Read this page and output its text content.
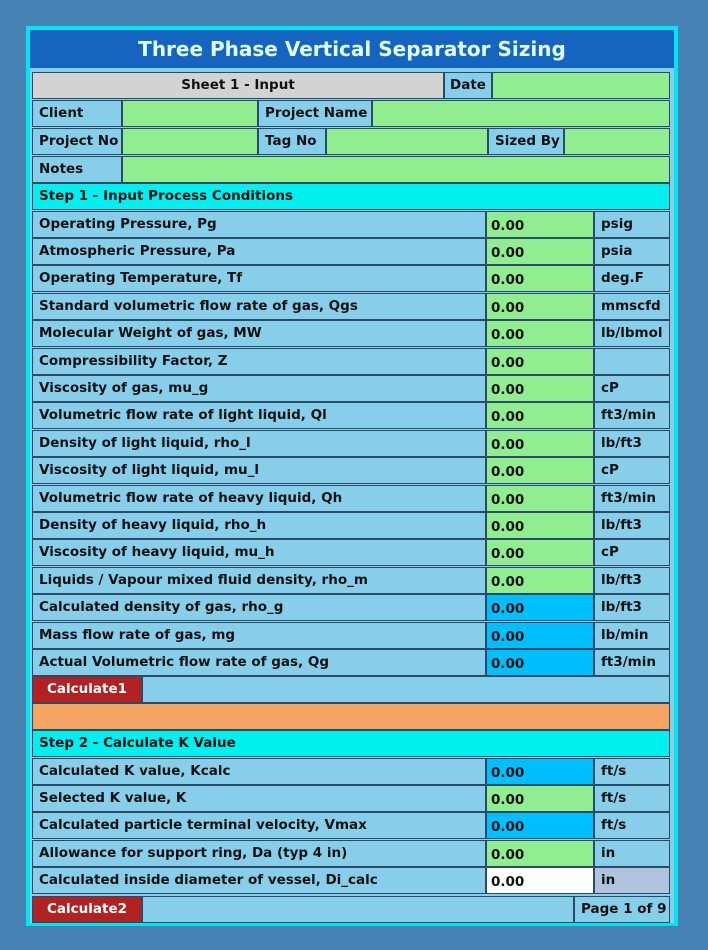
Three Phase Vertical Separator Sizing
Sheet 1 - Input	Date
Client	Project Name
Project No	Tag No	Sized By
Notes
Step 1 - Input Process Conditions
Calculate1
Step 2 - Calculate K Value
Calculate2	Page 1 of 9
Operating Pressure, Pg	0.00	psig
Atmospheric Pressure, Pa	0.00	psia
Operating Temperature, Tf	0.00	deg.F
Standard volumetric flow rate of gas, Qgs	0.00	mmscfd
Molecular Weight of gas, MW	0.00	lb/lbmol
Compressibility Factor, Z	0.00
Viscosity of gas, mu_g	0.00	cP
Volumetric flow rate of light liquid, Ql	0.00	ft3/min
Density of light liquid, rho_l	0.00	lb/ft3
Viscosity of light liquid, mu_l	0.00	cP
Volumetric flow rate of heavy liquid, Qh	0.00	ft3/min
Density of heavy liquid, rho_h	0.00	lb/ft3
Viscosity of heavy liquid, mu_h	0.00	cP
Liquids / Vapour mixed fluid density, rho_m	0.00	lb/ft3
Calculated density of gas, rho_g	0.00	lb/ft3
Mass flow rate of gas, mg	0.00	lb/min
Actual Volumetric flow rate of gas, Qg	0.00	ft3/min
Calculated K value, Kcalc	0.00	ft/s
Selected K value, K	0.00	ft/s
Calculated particle terminal velocity, Vmax	0.00	ft/s
Allowance for support ring, Da (typ 4 in)	0.00	in
Calculated inside diameter of vessel, Di_calc	0.00	in
